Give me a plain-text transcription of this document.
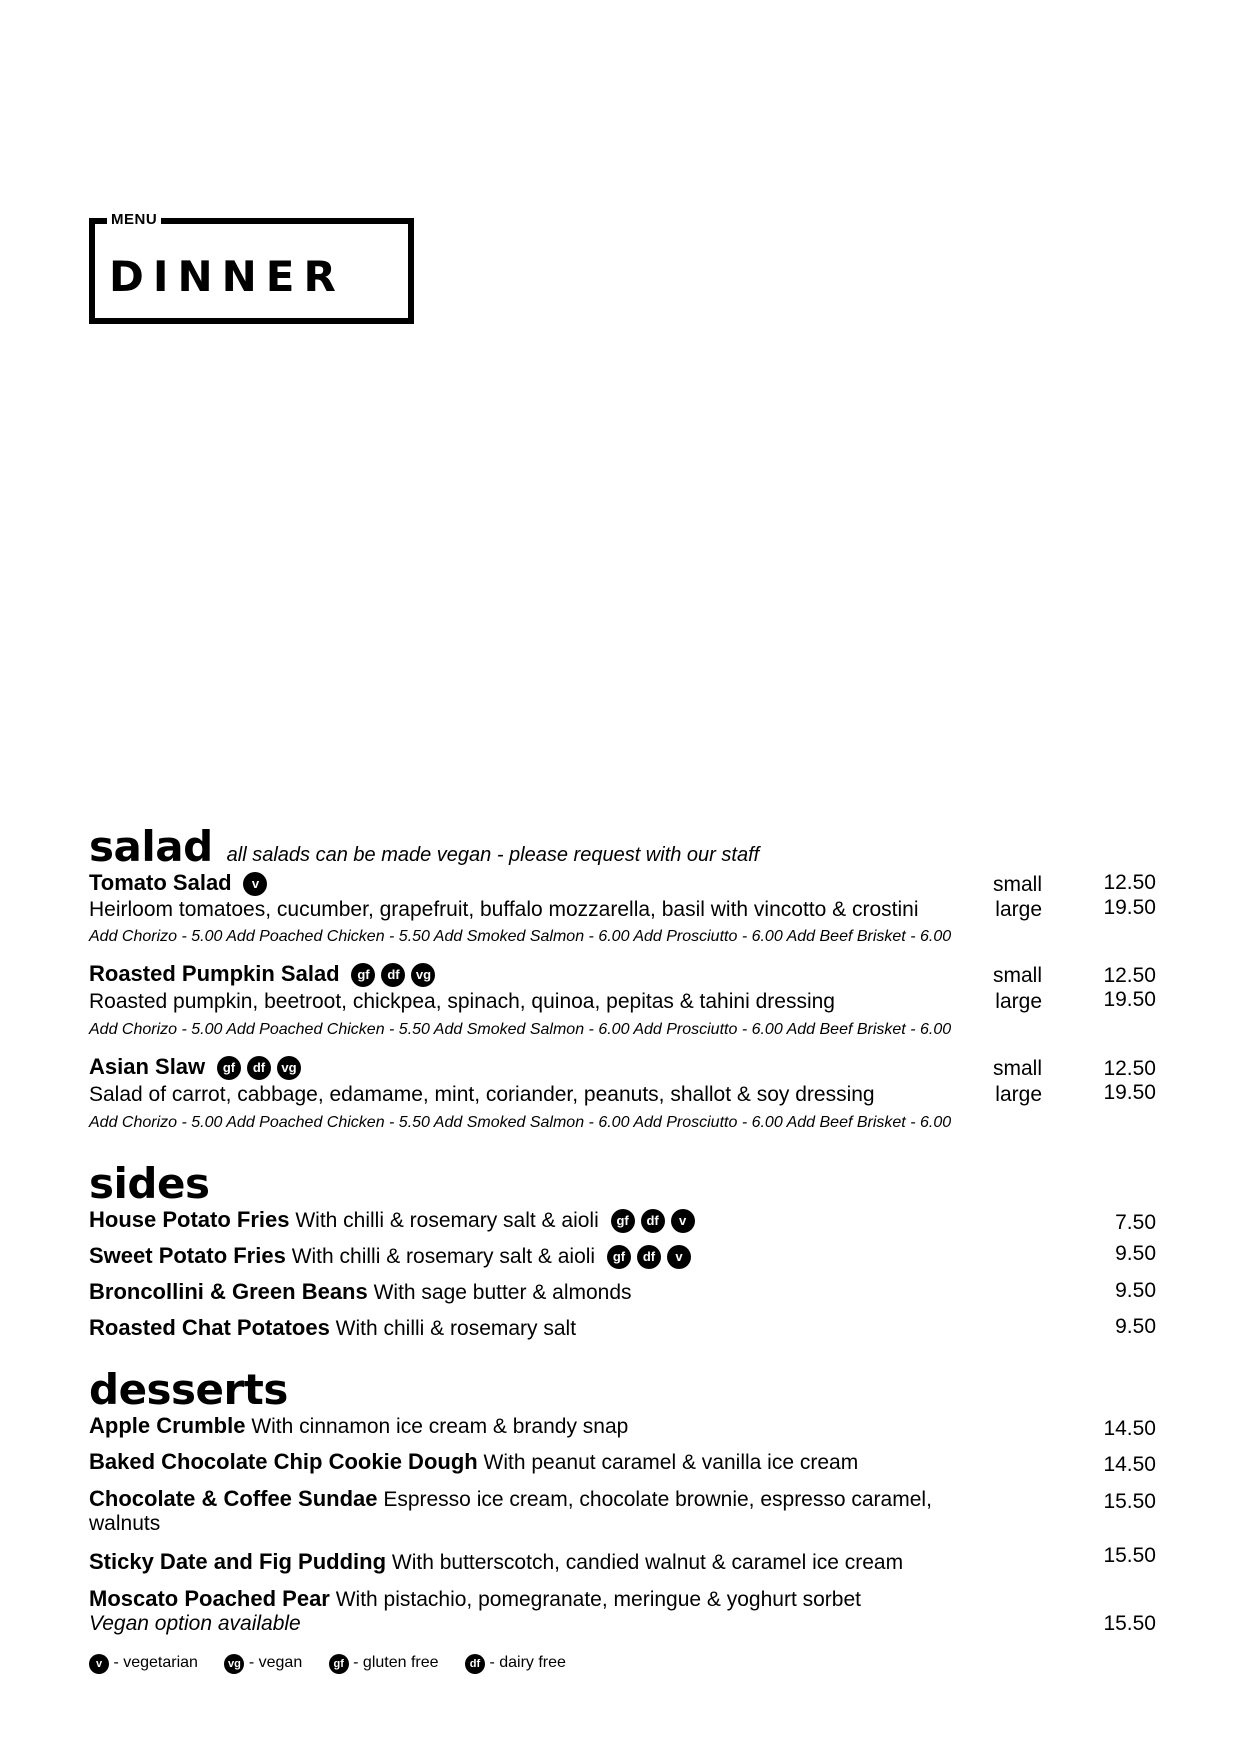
MENU
DINNER
salad all salads can be made vegan - please request with our staff
Tomato Salad v	small	12.50
Heirloom tomatoes, cucumber, grapefruit, buffalo mozzarella, basil with vincotto & crostini	large	19.50
Add Chorizo - 5.00 Add Poached Chicken - 5.50 Add Smoked Salmon - 6.00 Add Prosciutto - 6.00 Add Beef Brisket - 6.00
Roasted Pumpkin Salad gf df vg	small	12.50
Roasted pumpkin, beetroot, chickpea, spinach, quinoa, pepitas & tahini dressing	large	19.50
Add Chorizo - 5.00 Add Poached Chicken - 5.50 Add Smoked Salmon - 6.00 Add Prosciutto - 6.00 Add Beef Brisket - 6.00
Asian Slaw gf df vg	small	12.50
Salad of carrot, cabbage, edamame, mint, coriander, peanuts, shallot & soy dressing	large	19.50
Add Chorizo - 5.00 Add Poached Chicken - 5.50 Add Smoked Salmon - 6.00 Add Prosciutto - 6.00 Add Beef Brisket - 6.00
sides
House Potato Fries With chilli & rosemary salt & aioli gf df v	7.50
Sweet Potato Fries With chilli & rosemary salt & aioli gf df v	9.50
Broncollini & Green Beans With sage butter & almonds	9.50
Roasted Chat Potatoes With chilli & rosemary salt	9.50
desserts
Apple Crumble With cinnamon ice cream & brandy snap	14.50
Baked Chocolate Chip Cookie Dough With peanut caramel & vanilla ice cream	14.50
Chocolate & Coffee Sundae Espresso ice cream, chocolate brownie, espresso caramel,
walnuts
15.50
Sticky Date and Fig Pudding With butterscotch, candied walnut & caramel ice cream	15.50
Moscato Poached Pear With pistachio, pomegranate, meringue & yoghurt sorbet
Vegan option available	15.50
v - vegetarian	vg - vegan	gf - gluten free	df - dairy free
